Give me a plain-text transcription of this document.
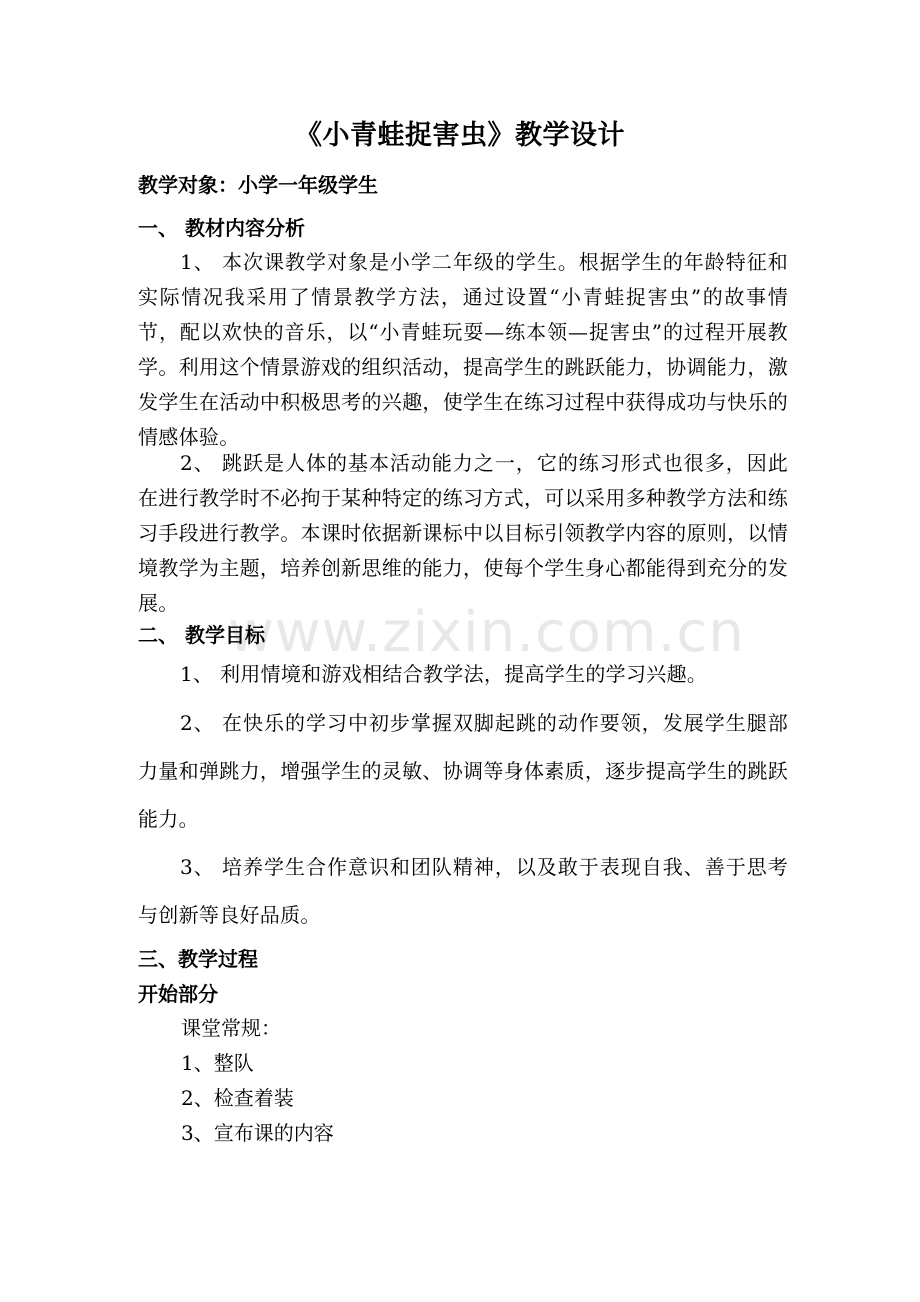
《小青蛙捉害虫》教学设计
教学对象：小学一年级学生
一、 教材内容分析
1、 本次课教学对象是小学二年级的学生。根据学生的年龄特征和实际情况我采用了情景教学方法，通过设置“小青蛙捉害虫”的故事情节，配以欢快的音乐，以“小青蛙玩耍—练本领—捉害虫”的过程开展教学。利用这个情景游戏的组织活动，提高学生的跳跃能力，协调能力，激发学生在活动中积极思考的兴趣，使学生在练习过程中获得成功与快乐的情感体验。
2、 跳跃是人体的基本活动能力之一，它的练习形式也很多，因此在进行教学时不必拘于某种特定的练习方式，可以采用多种教学方法和练习手段进行教学。本课时依据新课标中以目标引领教学内容的原则，以情境教学为主题，培养创新思维的能力，使每个学生身心都能得到充分的发展。
二、 教学目标
1、 利用情境和游戏相结合教学法，提高学生的学习兴趣。
2、 在快乐的学习中初步掌握双脚起跳的动作要领，发展学生腿部力量和弹跳力，增强学生的灵敏、协调等身体素质，逐步提高学生的跳跃能力。
3、 培养学生合作意识和团队精神，以及敢于表现自我、善于思考与创新等良好品质。
三、教学过程
开始部分
课堂常规：
1、整队
2、检查着装
3、宣布课的内容
www.zixin.com.cn
